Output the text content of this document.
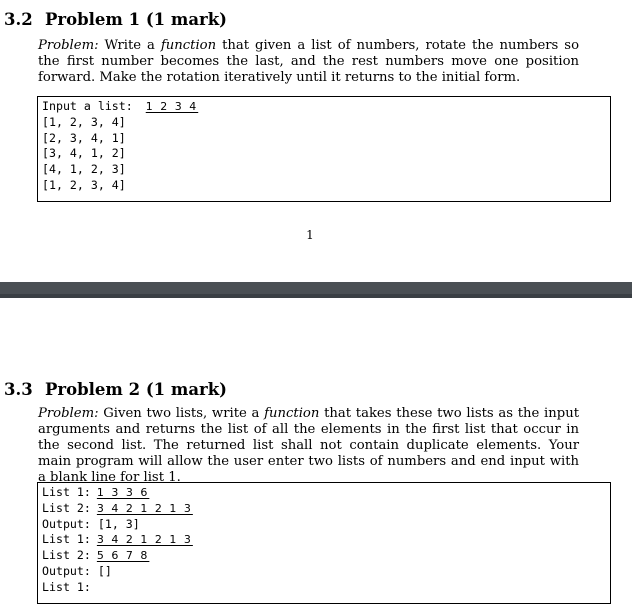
3.2 Problem 1 (1 mark)

Problem: Write a function that given a list of numbers, rotate the numbers so the first number becomes the last, and the rest numbers move one position forward. Make the rotation iteratively until it returns to the initial form.

Input a list: 1 2 3 4
[1, 2, 3, 4]
[2, 3, 4, 1]
[3, 4, 1, 2]
[4, 1, 2, 3]
[1, 2, 3, 4]
1
3.3 Problem 2 (1 mark)

Problem: Given two lists, write a function that takes these two lists as the input arguments and returns the list of all the elements in the first list that occur in the second list. The returned list shall not contain duplicate elements. Your main program will allow the user enter two lists of numbers and end input with a blank line for list 1.

List 1: 1 3 3 6
List 2: 3 4 2 1 2 1 3
Output: [1, 3]
List 1: 3 4 2 1 2 1 3
List 2: 5 6 7 8
Output: []
List 1:
